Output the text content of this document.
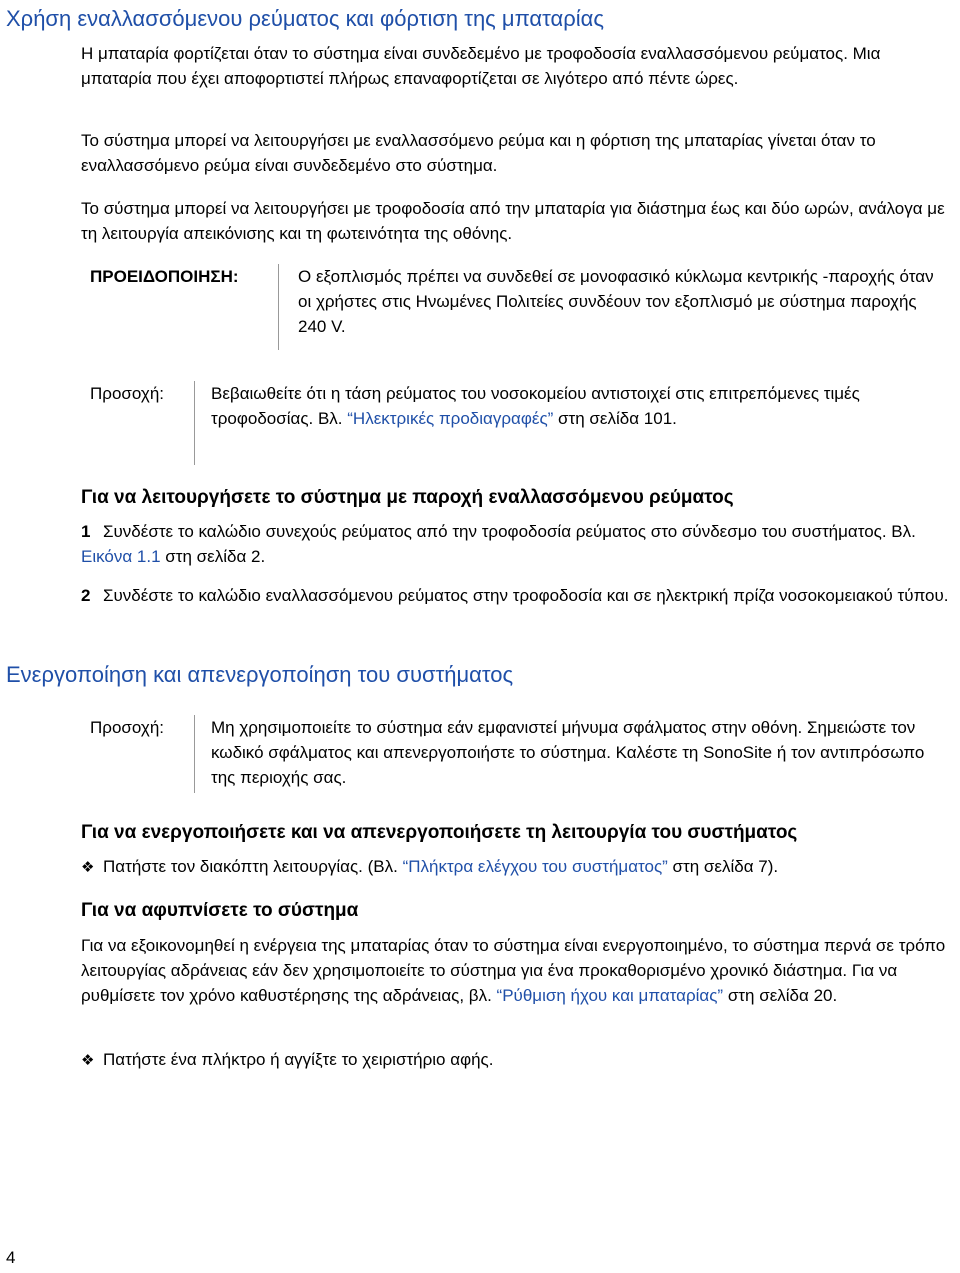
Χρήση εναλλασσόμενου ρεύματος και φόρτιση της μπαταρίας

Η μπαταρία φορτίζεται όταν το σύστημα είναι συνδεδεμένο με τροφοδοσία εναλλασσόμενου ρεύματος. Μια μπαταρία που έχει αποφορτιστεί πλήρως επαναφορτίζεται σε λιγότερο από πέντε ώρες.

Το σύστημα μπορεί να λειτουργήσει με εναλλασσόμενο ρεύμα και η φόρτιση της μπαταρίας γίνεται όταν το εναλλασσόμενο ρεύμα είναι συνδεδεμένο στο σύστημα.

Το σύστημα μπορεί να λειτουργήσει με τροφοδοσία από την μπαταρία για διάστημα έως και δύο ωρών, ανάλογα με τη λειτουργία απεικόνισης και τη φωτεινότητα της οθόνης.

ΠΡΟΕΙΔΟΠΟΙΗΣΗ:	Ο εξοπλισμός πρέπει να συνδεθεί σε μονοφασικό κύκλωμα κεντρικής -παροχής όταν οι χρήστες στις Ηνωμένες Πολιτείες συνδέουν τον εξοπλισμό με σύστημα παροχής 240 V.

Προσοχή:	Βεβαιωθείτε ότι η τάση ρεύματος του νοσοκομείου αντιστοιχεί στις επιτρεπόμενες τιμές τροφοδοσίας. Βλ. “Ηλεκτρικές προδιαγραφές” στη σελίδα 101.

Για να λειτουργήσετε το σύστημα με παροχή εναλλασσόμενου ρεύματος
1 Συνδέστε το καλώδιο συνεχούς ρεύματος από την τροφοδοσία ρεύματος στο σύνδεσμο του συστήματος. Βλ. Εικόνα 1.1 στη σελίδα 2.
2 Συνδέστε το καλώδιο εναλλασσόμενου ρεύματος στην τροφοδοσία και σε ηλεκτρική πρίζα νοσοκομειακού τύπου.
Ενεργοποίηση και απενεργοποίηση του συστήματος
Προσοχή:	Μη χρησιμοποιείτε το σύστημα εάν εμφανιστεί μήνυμα σφάλματος στην οθόνη. Σημειώστε τον κωδικό σφάλματος και απενεργοποιήστε το σύστημα. Καλέστε τη SonoSite ή τον αντιπρόσωπο της περιοχής σας.

Για να ενεργοποιήσετε και να απενεργοποιήσετε τη λειτουργία του συστήματος
❖ Πατήστε τον διακόπτη λειτουργίας. (Βλ. “Πλήκτρα ελέγχου του συστήματος” στη σελίδα 7).
Για να αφυπνίσετε το σύστημα

Για να εξοικονομηθεί η ενέργεια της μπαταρίας όταν το σύστημα είναι ενεργοποιημένο, το σύστημα περνά σε τρόπο λειτουργίας αδράνειας εάν δεν χρησιμοποιείτε το σύστημα για ένα προκαθορισμένο χρονικό διάστημα. Για να ρυθμίσετε τον χρόνο καθυστέρησης της αδράνειας, βλ. “Ρύθμιση ήχου και μπαταρίας” στη σελίδα 20.

❖ Πατήστε ένα πλήκτρο ή αγγίξτε το χειριστήριο αφής.
4
